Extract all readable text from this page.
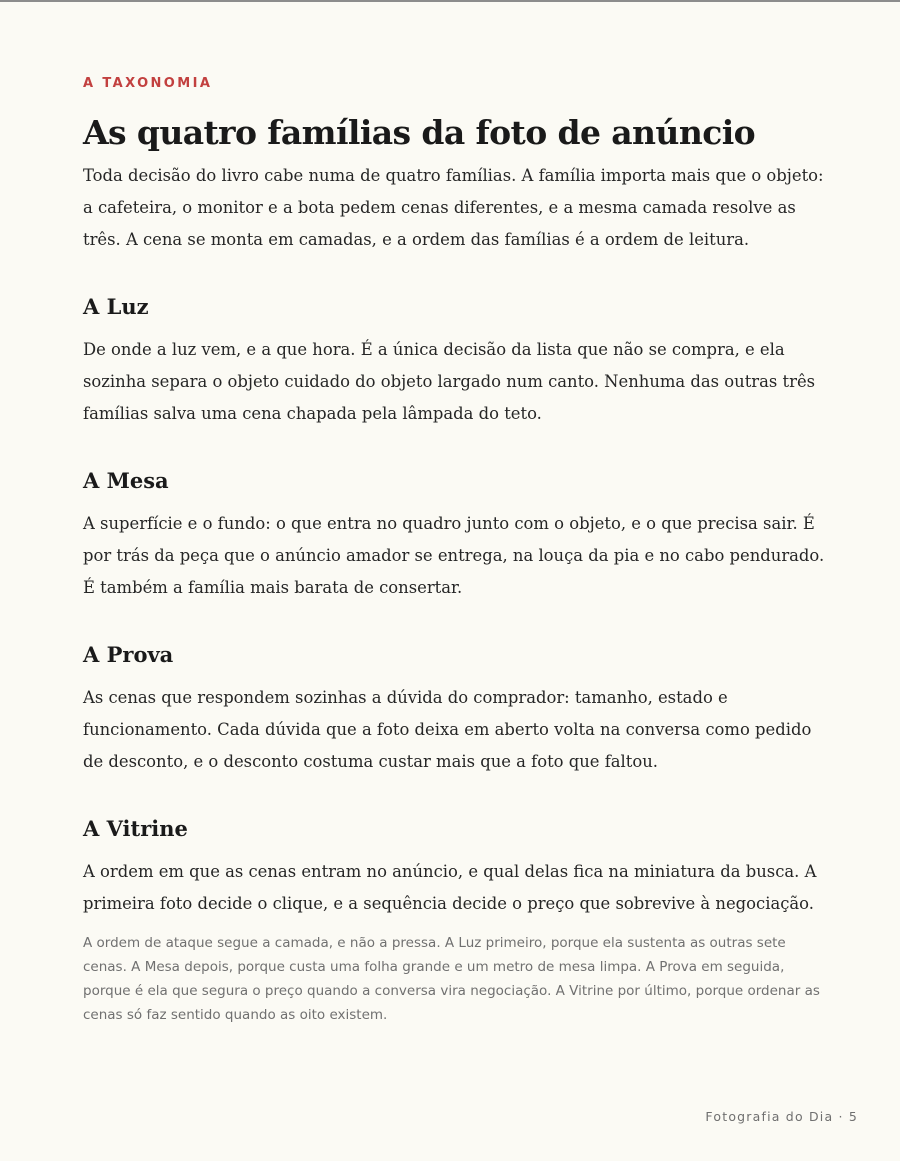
A TAXONOMIA
As quatro famílias da foto de anúncio

Toda decisão do livro cabe numa de quatro famílias. A família importa mais que o objeto: a cafeteira, o monitor e a bota pedem cenas diferentes, e a mesma camada resolve as três. A cena se monta em camadas, e a ordem das famílias é a ordem de leitura.

A Luz

De onde a luz vem, e a que hora. É a única decisão da lista que não se compra, e ela sozinha separa o objeto cuidado do objeto largado num canto. Nenhuma das outras três famílias salva uma cena chapada pela lâmpada do teto.

A Mesa

A superfície e o fundo: o que entra no quadro junto com o objeto, e o que precisa sair. É por trás da peça que o anúncio amador se entrega, na louça da pia e no cabo pendurado. É também a família mais barata de consertar.

A Prova

As cenas que respondem sozinhas a dúvida do comprador: tamanho, estado e funcionamento. Cada dúvida que a foto deixa em aberto volta na conversa como pedido de desconto, e o desconto costuma custar mais que a foto que faltou.

A Vitrine

A ordem em que as cenas entram no anúncio, e qual delas fica na miniatura da busca. A primeira foto decide o clique, e a sequência decide o preço que sobrevive à negociação.

A ordem de ataque segue a camada, e não a pressa. A Luz primeiro, porque ela sustenta as outras sete cenas. A Mesa depois, porque custa uma folha grande e um metro de mesa limpa. A Prova em seguida, porque é ela que segura o preço quando a conversa vira negociação. A Vitrine por último, porque ordenar as cenas só faz sentido quando as oito existem.

Fotografia do Dia · 5
